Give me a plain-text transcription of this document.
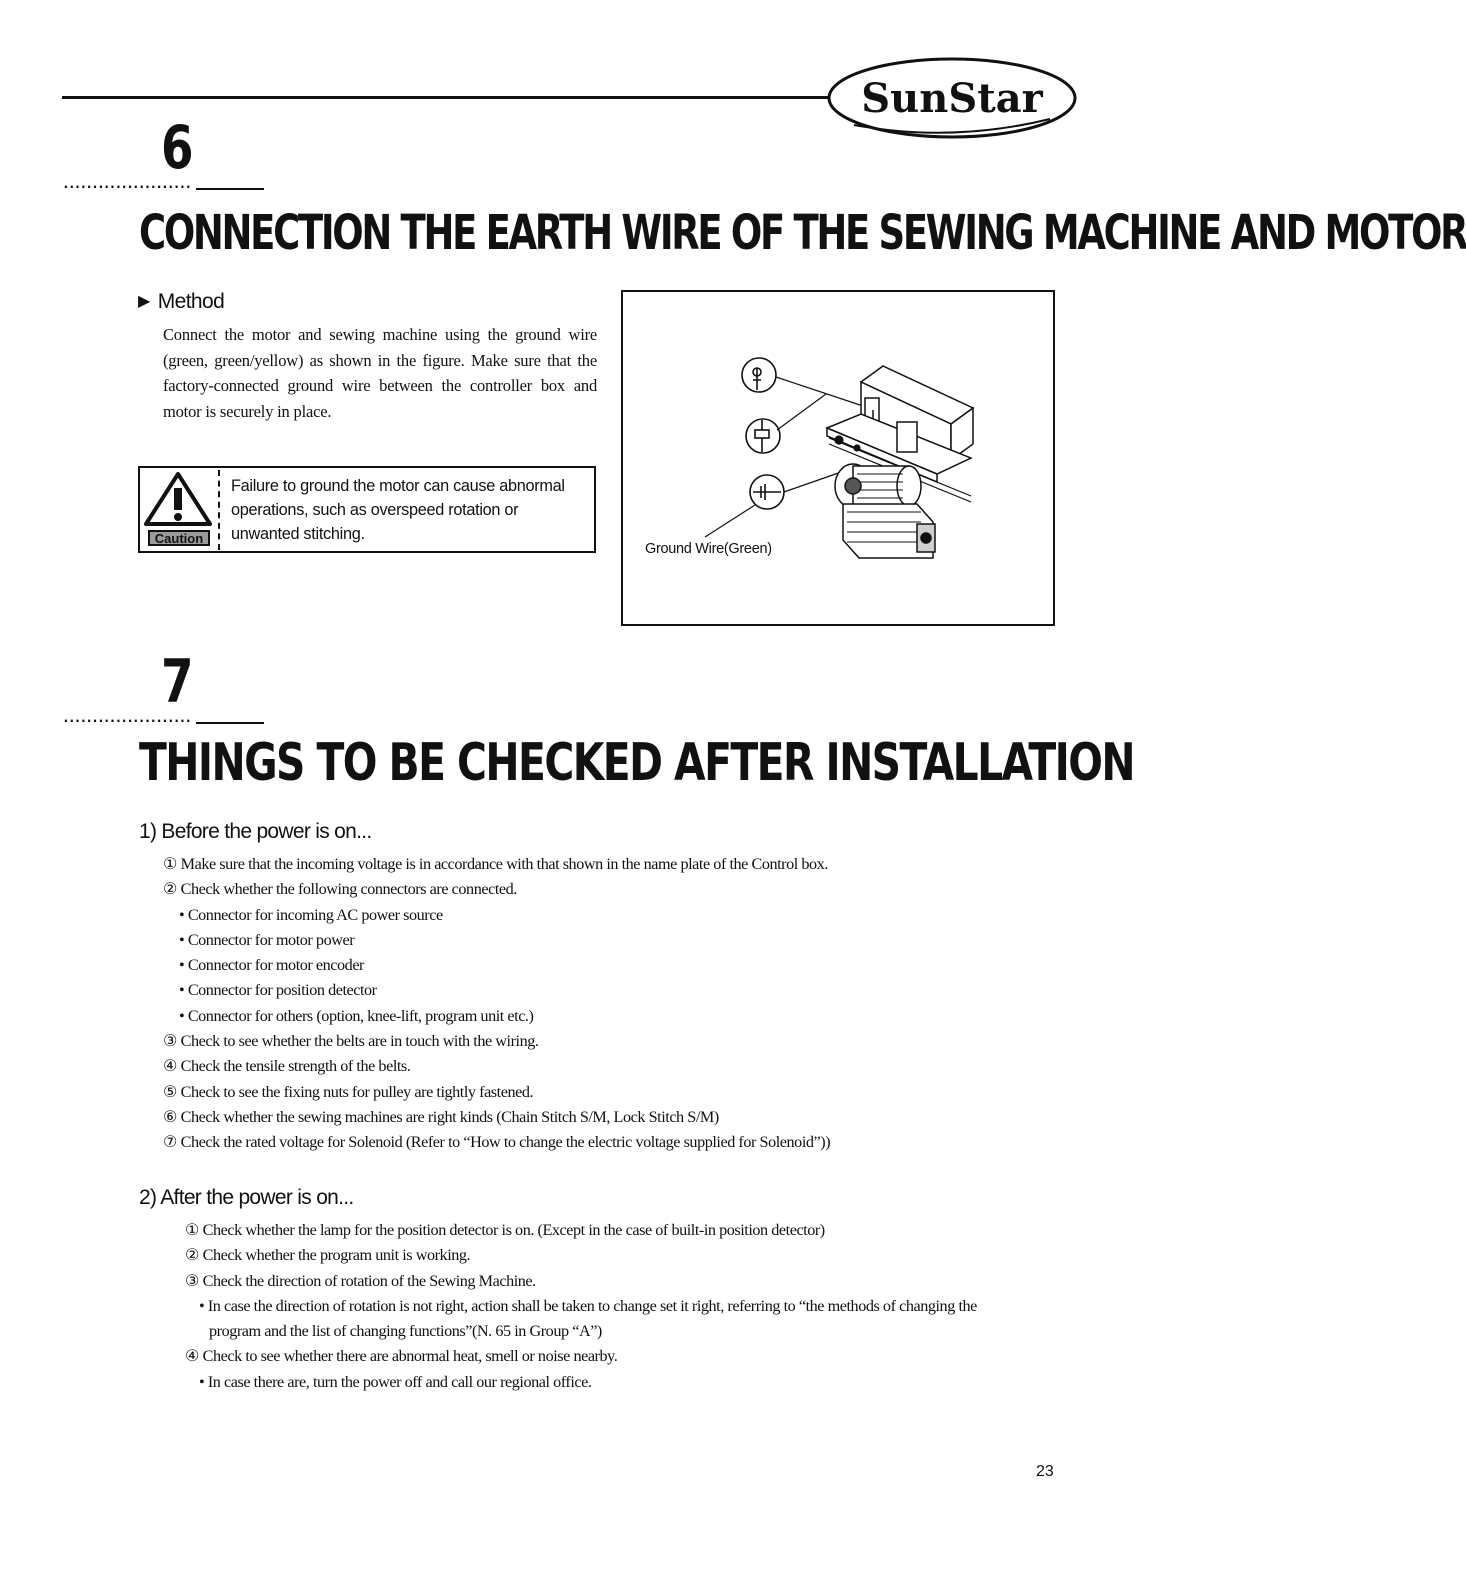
SunStar
6
......................
CONNECTION THE EARTH WIRE OF THE SEWING MACHINE AND MOTOR
▶ Method
Connect the motor and sewing machine using the ground wire (green, green/yellow) as shown in the figure. Make sure that the factory-connected ground wire between the controller box and motor is securely in place.
Caution
Failure to ground the motor can cause abnormal operations, such as overspeed rotation or unwanted stitching.
Ground Wire(Green)
7
......................
THINGS TO BE CHECKED AFTER INSTALLATION
1) Before the power is on...
① Make sure that the incoming voltage is in accordance with that shown in the name plate of the Control box.
② Check whether the following connectors are connected.
• Connector for incoming AC power source
• Connector for motor power
• Connector for motor encoder
• Connector for position detector
• Connector for others (option, knee-lift, program unit etc.)
③ Check to see whether the belts are in touch with the wiring.
④ Check the tensile strength of the belts.
⑤ Check to see the fixing nuts for pulley are tightly fastened.
⑥ Check whether the sewing machines are right kinds (Chain Stitch S/M, Lock Stitch S/M)
⑦ Check the rated voltage for Solenoid (Refer to “How to change the electric voltage supplied for Solenoid”))
2) After the power is on...
① Check whether the lamp for the position detector is on. (Except in the case of built-in position detector)
② Check whether the program unit is working.
③ Check the direction of rotation of the Sewing Machine.
• In case the direction of rotation is not right, action shall be taken to change set it right, referring to “the methods of changing the
program and the list of changing functions”(N. 65 in Group “A”)
④ Check to see whether there are abnormal heat, smell or noise nearby.
• In case there are, turn the power off and call our regional office.
23
